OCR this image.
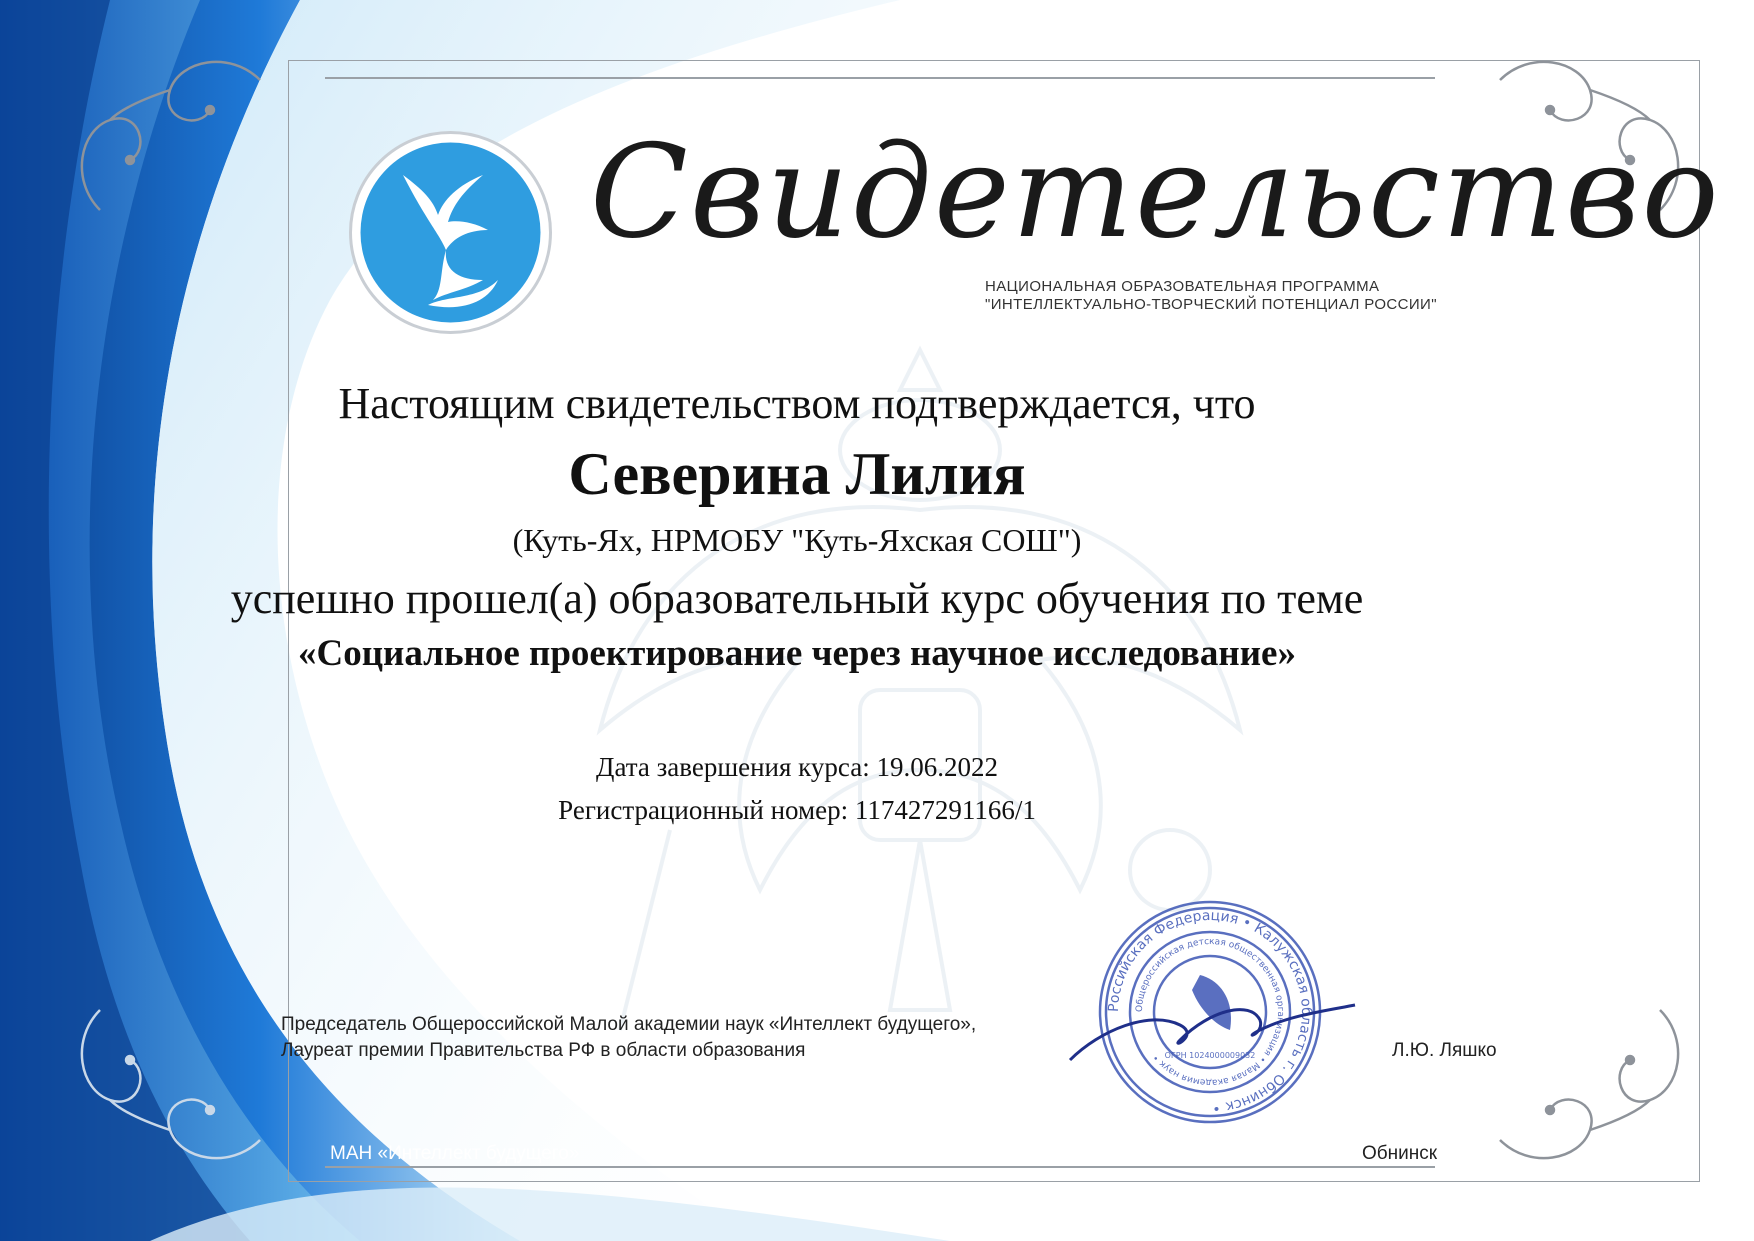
Свидетельство
НАЦИОНАЛЬНАЯ ОБРАЗОВАТЕЛЬНАЯ ПРОГРАММА
"ИНТЕЛЛЕКТУАЛЬНО-ТВОРЧЕСКИЙ ПОТЕНЦИАЛ РОССИИ"
Настоящим свидетельством подтверждается, что
Северина Лилия
(Куть-Ях, НРМОБУ "Куть-Яхская СОШ")
успешно прошел(а) образовательный курс обучения по теме
«Социальное проектирование через научное исследование»
Дата завершения курса: 19.06.2022
Регистрационный номер: 117427291166/1
Председатель Общероссийской Малой академии наук «Интеллект будущего»,
Лауреат премии Правительства РФ в области образования	Л.Ю. Ляшко
Российская Федерация • Калужская область г. Обнинск •
Общероссийская детская общественная организация • Малая академия наук • ОГРН 1024000009032
МАН «Интеллект будущего»	Обнинск
